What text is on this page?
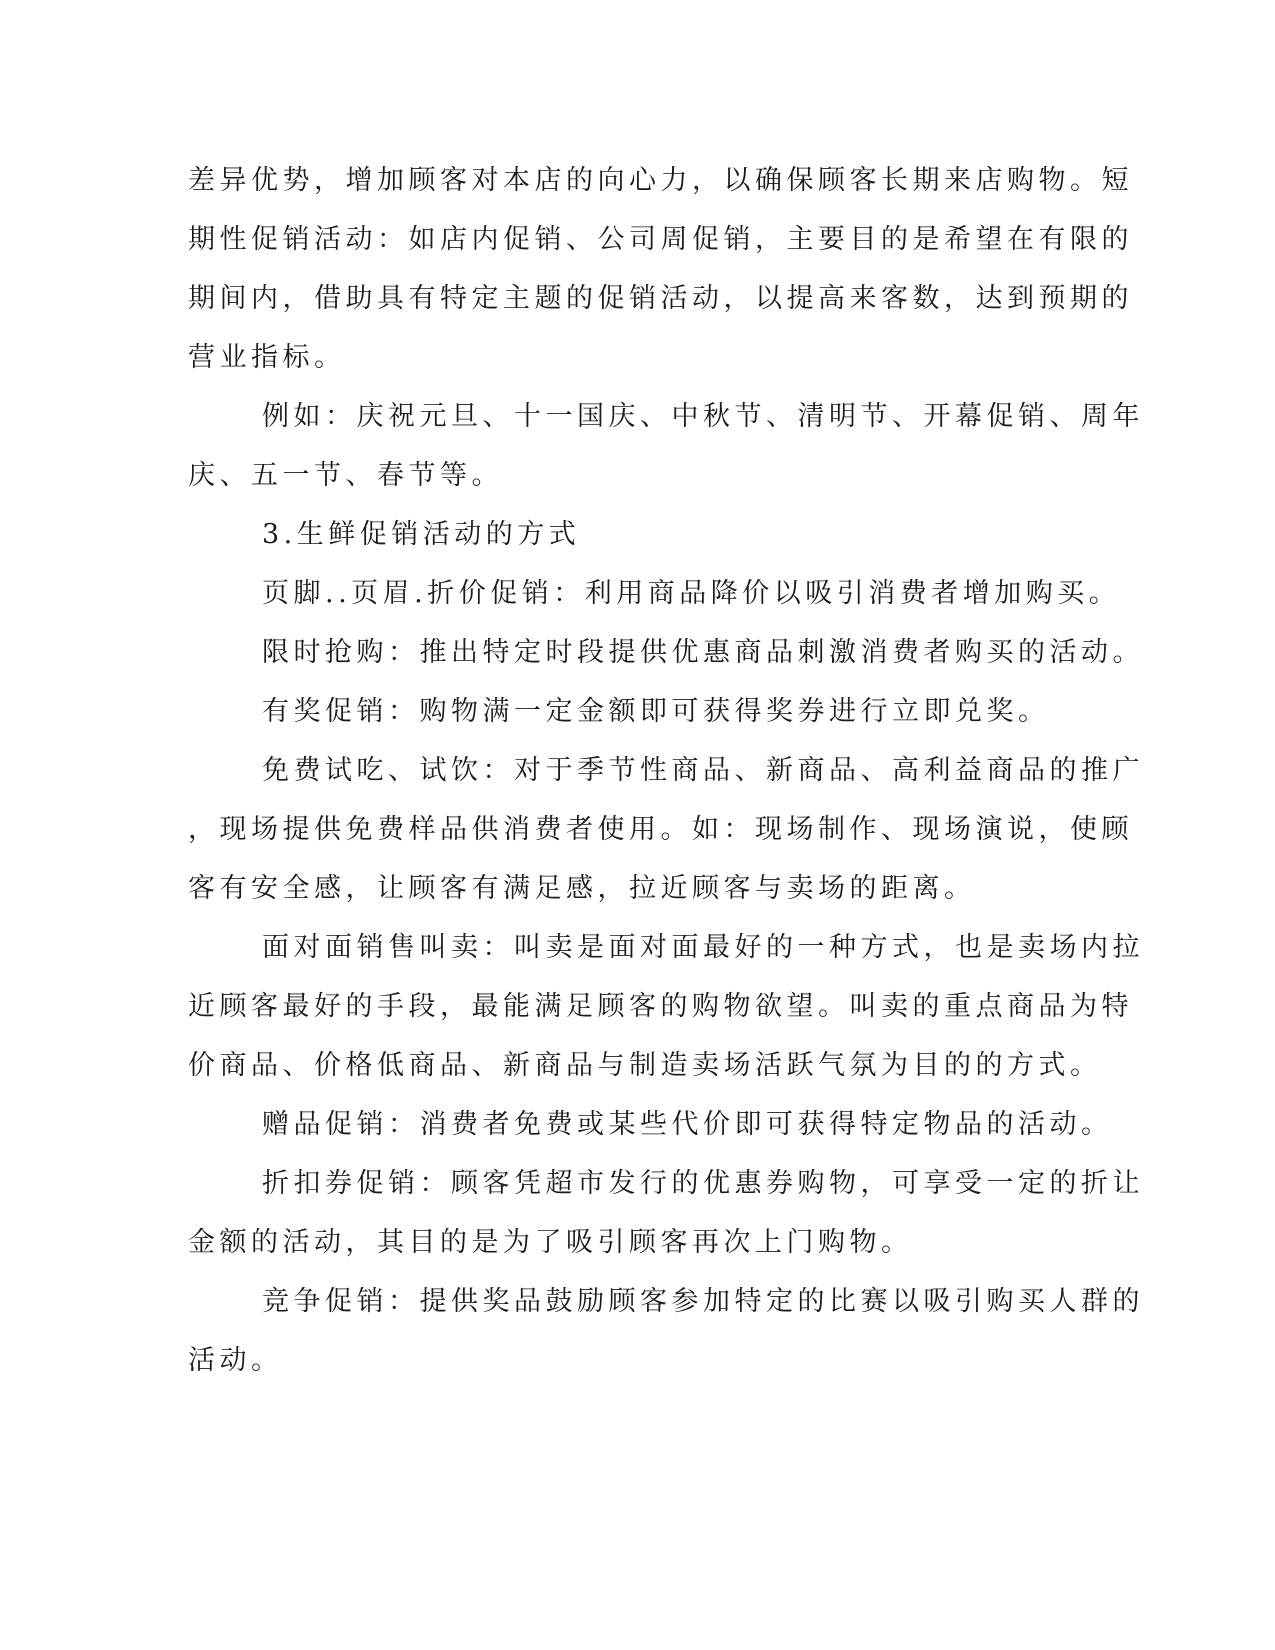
差异优势，增加顾客对本店的向心力，以确保顾客长期来店购物。短

期性促销活动：如店内促销、公司周促销，主要目的是希望在有限的

期间内，借助具有特定主题的促销活动，以提高来客数，达到预期的

营业指标。

例如：庆祝元旦、十一国庆、中秋节、清明节、开幕促销、周年

庆、五一节、春节等。

3.生鲜促销活动的方式

页脚..页眉.折价促销：利用商品降价以吸引消费者增加购买。

限时抢购：推出特定时段提供优惠商品刺激消费者购买的活动。

有奖促销：购物满一定金额即可获得奖券进行立即兑奖。

免费试吃、试饮：对于季节性商品、新商品、高利益商品的推广

，现场提供免费样品供消费者使用。如：现场制作、现场演说，使顾

客有安全感，让顾客有满足感，拉近顾客与卖场的距离。

面对面销售叫卖：叫卖是面对面最好的一种方式，也是卖场内拉

近顾客最好的手段，最能满足顾客的购物欲望。叫卖的重点商品为特

价商品、价格低商品、新商品与制造卖场活跃气氛为目的的方式。

赠品促销：消费者免费或某些代价即可获得特定物品的活动。

折扣券促销：顾客凭超市发行的优惠券购物，可享受一定的折让

金额的活动，其目的是为了吸引顾客再次上门购物。

竞争促销：提供奖品鼓励顾客参加特定的比赛以吸引购买人群的

活动。
